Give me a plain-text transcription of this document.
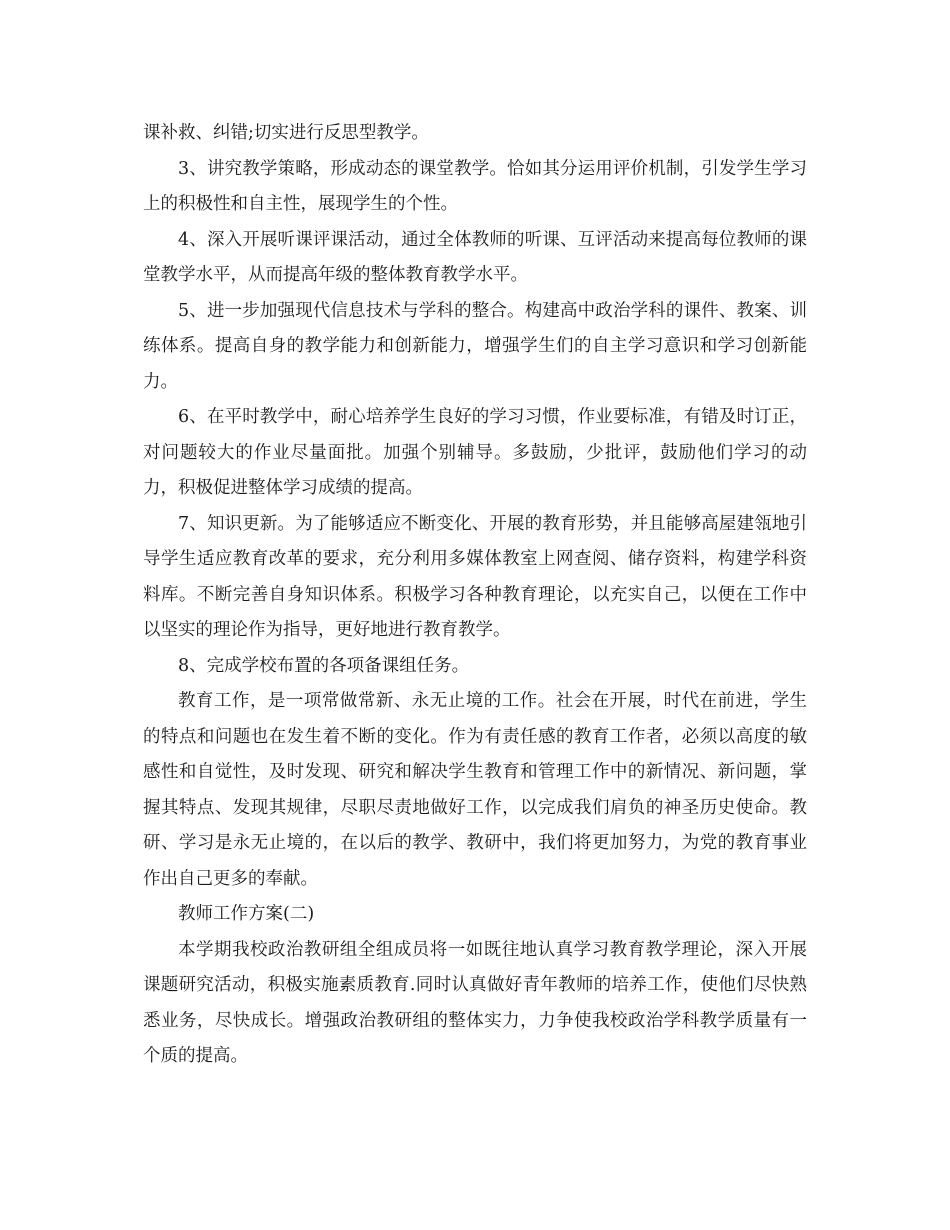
课补救、纠错;切实进行反思型教学。

3、讲究教学策略，形成动态的课堂教学。恰如其分运用评价机制，引发学生学习上的积极性和自主性，展现学生的个性。

4、深入开展听课评课活动，通过全体教师的听课、互评活动来提高每位教师的课堂教学水平，从而提高年级的整体教育教学水平。

5、进一步加强现代信息技术与学科的整合。构建高中政治学科的课件、教案、训练体系。提高自身的教学能力和创新能力，增强学生们的自主学习意识和学习创新能力。

6、在平时教学中，耐心培养学生良好的学习习惯，作业要标准，有错及时订正，对问题较大的作业尽量面批。加强个别辅导。多鼓励，少批评，鼓励他们学习的动力，积极促进整体学习成绩的提高。

7、知识更新。为了能够适应不断变化、开展的教育形势，并且能够高屋建瓴地引导学生适应教育改革的要求，充分利用多媒体教室上网查阅、储存资料，构建学科资料库。不断完善自身知识体系。积极学习各种教育理论，以充实自己，以便在工作中以坚实的理论作为指导，更好地进行教育教学。

8、完成学校布置的各项备课组任务。

教育工作，是一项常做常新、永无止境的工作。社会在开展，时代在前进，学生的特点和问题也在发生着不断的变化。作为有责任感的教育工作者，必须以高度的敏感性和自觉性，及时发现、研究和解决学生教育和管理工作中的新情况、新问题，掌握其特点、发现其规律，尽职尽责地做好工作，以完成我们肩负的神圣历史使命。教研、学习是永无止境的，在以后的教学、教研中，我们将更加努力，为党的教育事业作出自己更多的奉献。

教师工作方案(二)

本学期我校政治教研组全组成员将一如既往地认真学习教育教学理论，深入开展课题研究活动，积极实施素质教育.同时认真做好青年教师的培养工作，使他们尽快熟悉业务，尽快成长。增强政治教研组的整体实力，力争使我校政治学科教学质量有一个质的提高。
